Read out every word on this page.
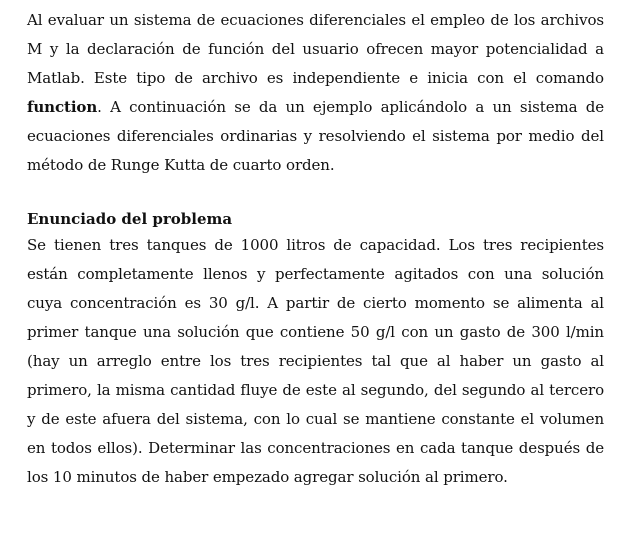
Al evaluar un sistema de ecuaciones diferenciales el empleo de los archivos M y la declaración de función del usuario ofrecen mayor potencialidad a Matlab. Este tipo de archivo es independiente e inicia con el comando function. A continuación se da un ejemplo aplicándolo a un sistema de ecuaciones diferenciales ordinarias y resolviendo el sistema por medio del método de Runge Kutta de cuarto orden.

Enunciado del problema

Se tienen tres tanques de 1000 litros de capacidad. Los tres recipientes están completamente llenos y perfectamente agitados con una solución cuya concentración es 30 g/l. A partir de cierto momento se alimenta al primer tanque una solución que contiene 50 g/l con un gasto de 300 l/min (hay un arreglo entre los tres recipientes tal que al haber un gasto al primero, la misma cantidad fluye de este al segundo, del segundo al tercero y de este afuera del sistema, con lo cual se mantiene constante el volumen en todos ellos). Determinar las concentraciones en cada tanque después de los 10 minutos de haber empezado agregar solución al primero.
